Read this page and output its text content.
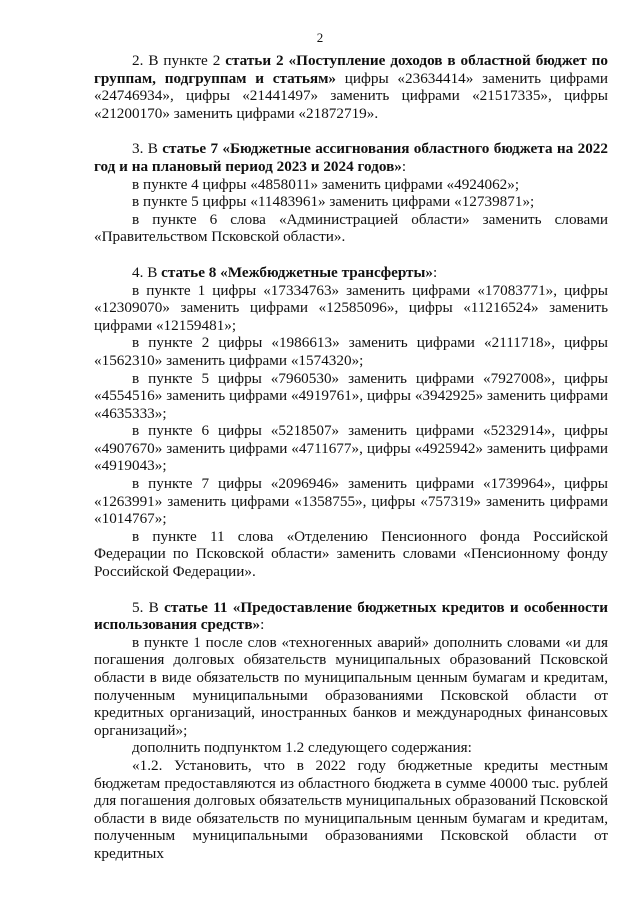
2

2. В пункте 2 статьи 2 «Поступление доходов в областной бюджет по группам, подгруппам и статьям» цифры «23634414» заменить цифрами «24746934», цифры «21441497» заменить цифрами «21517335», цифры «21200170» заменить цифрами «21872719».

3. В статье 7 «Бюджетные ассигнования областного бюджета на 2022 год и на плановый период 2023 и 2024 годов»:

в пункте 4 цифры «4858011» заменить цифрами «4924062»;

в пункте 5 цифры «11483961» заменить цифрами «12739871»;

в пункте 6 слова «Администрацией области» заменить словами «Правительством Псковской области».

4. В статье 8 «Межбюджетные трансферты»:

в пункте 1 цифры «17334763» заменить цифрами «17083771», цифры «12309070» заменить цифрами «12585096», цифры «11216524» заменить цифрами «12159481»;

в пункте 2 цифры «1986613» заменить цифрами «2111718», цифры «1562310» заменить цифрами «1574320»;

в пункте 5 цифры «7960530» заменить цифрами «7927008», цифры «4554516» заменить цифрами «4919761», цифры «3942925» заменить цифрами «4635333»;

в пункте 6 цифры «5218507» заменить цифрами «5232914», цифры «4907670» заменить цифрами «4711677», цифры «4925942» заменить цифрами «4919043»;

в пункте 7 цифры «2096946» заменить цифрами «1739964», цифры «1263991» заменить цифрами «1358755», цифры «757319» заменить цифрами «1014767»;

в пункте 11 слова «Отделению Пенсионного фонда Российской Федерации по Псковской области» заменить словами «Пенсионному фонду Российской Федерации».

5. В статье 11 «Предоставление бюджетных кредитов и особенности использования средств»:

в пункте 1 после слов «техногенных аварий» дополнить словами «и для погашения долговых обязательств муниципальных образований Псковской области в виде обязательств по муниципальным ценным бумагам и кредитам, полученным муниципальными образованиями Псковской области от кредитных организаций, иностранных банков и международных финансовых организаций»;

дополнить подпунктом 1.2 следующего содержания:

«1.2. Установить, что в 2022 году бюджетные кредиты местным бюджетам предоставляются из областного бюджета в сумме 40000 тыс. рублей для погашения долговых обязательств муниципальных образований Псковской области в виде обязательств по муниципальным ценным бумагам и кредитам, полученным муниципальными образованиями Псковской области от кредитных
